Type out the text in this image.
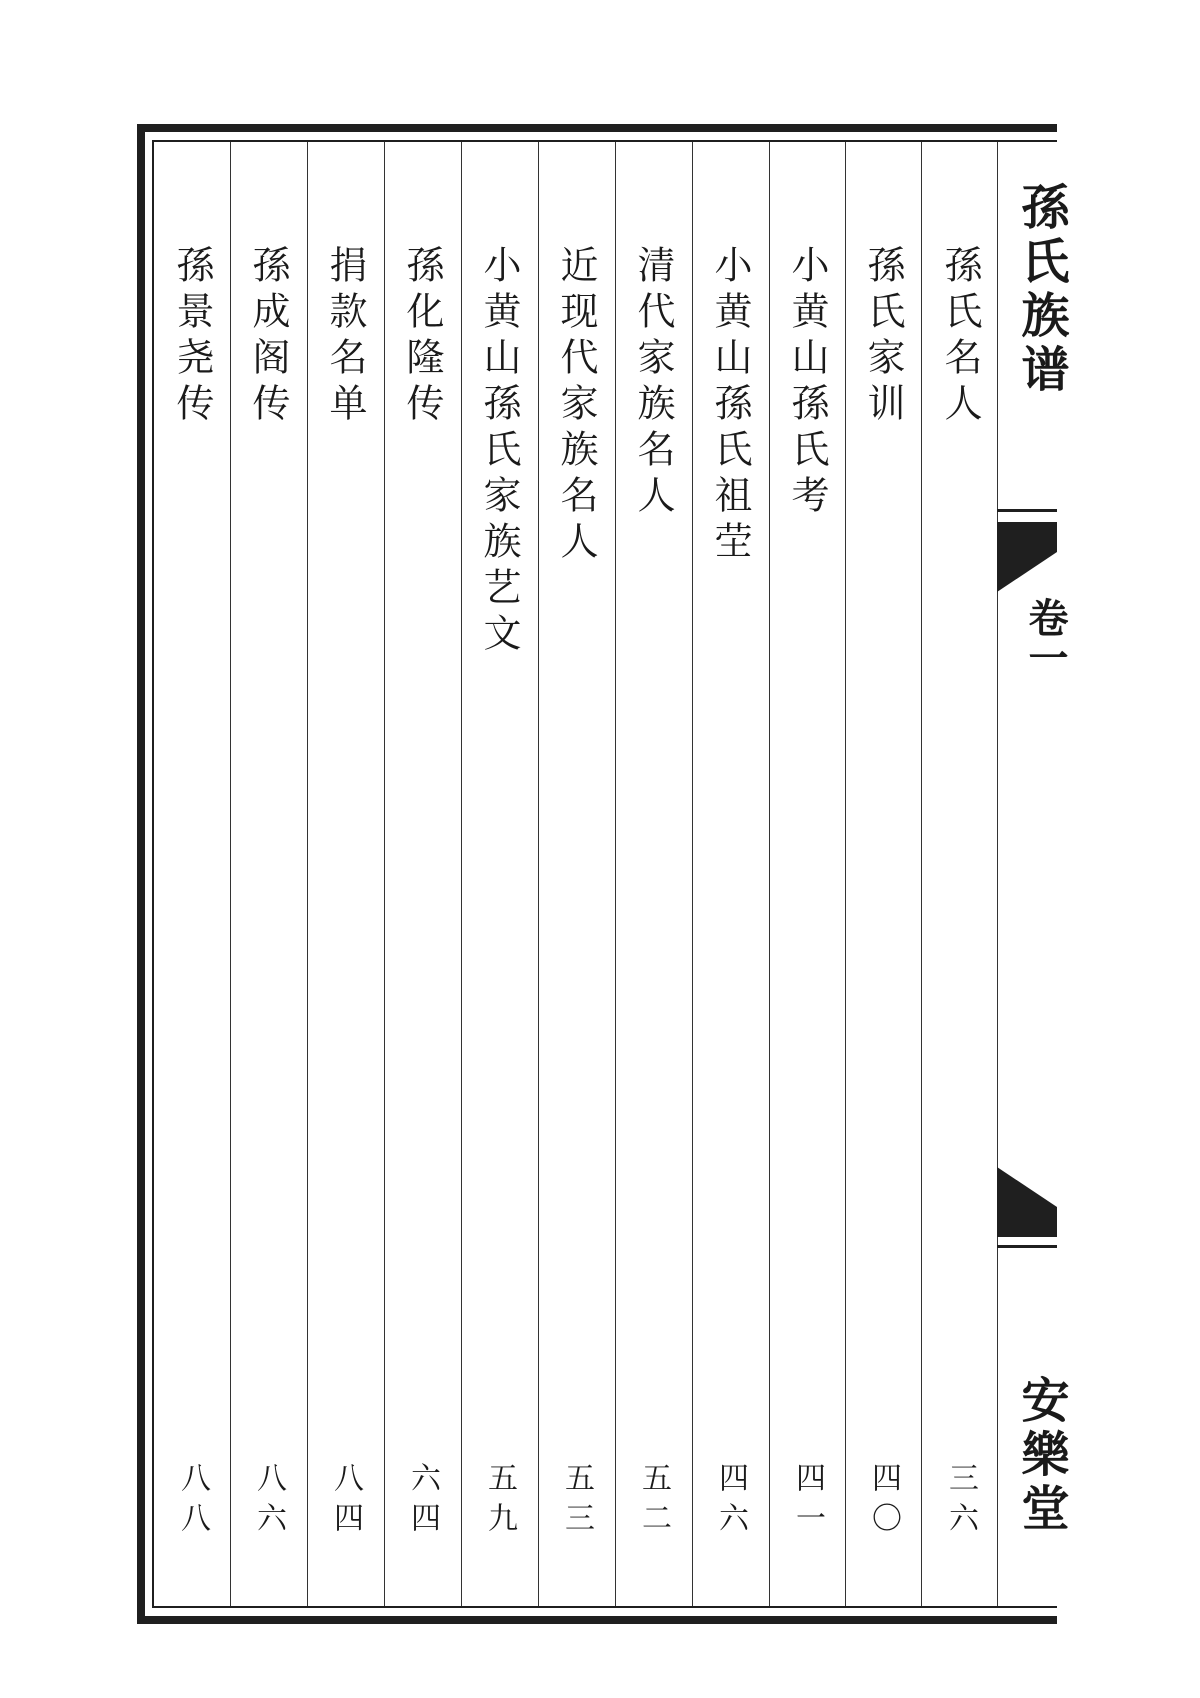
孫氏名人
三六
孫氏家训
四〇
小黄山孫氏考
四一
小黄山孫氏祖茔
四六
清代家族名人
五二
近现代家族名人
五三
小黄山孫氏家族艺文
五九
孫化隆传
六四
捐款名单
八四
孫成阁传
八六
孫景尧传
八八
孫氏族谱
卷一
安樂堂
